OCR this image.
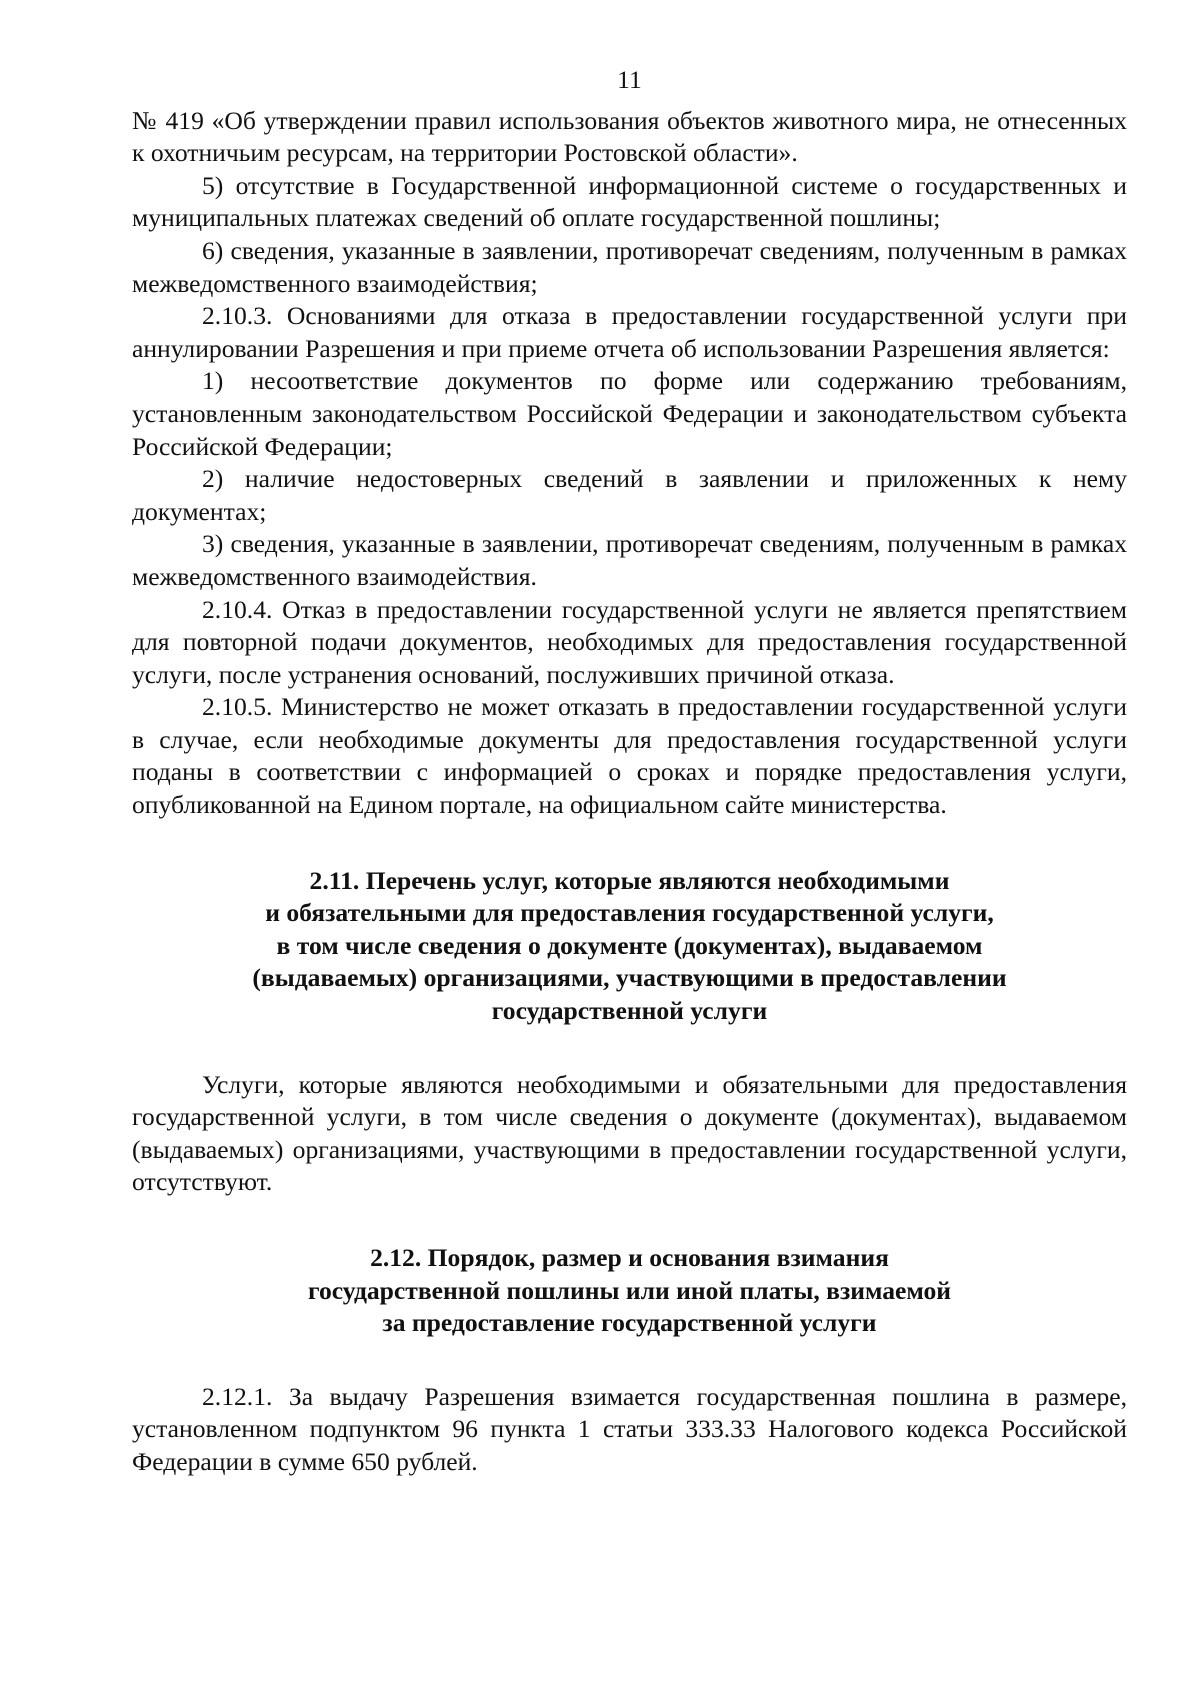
11

№ 419 «Об утверждении правил использования объектов животного мира, не отнесенных к охотничьим ресурсам, на территории Ростовской области».

5) отсутствие в Государственной информационной системе о государственных и муниципальных платежах сведений об оплате государственной пошлины;

6) сведения, указанные в заявлении, противоречат сведениям, полученным в рамках межведомственного взаимодействия;

2.10.3. Основаниями для отказа в предоставлении государственной услуги при аннулировании Разрешения и при приеме отчета об использовании Разрешения является:

1) несоответствие документов по форме или содержанию требованиям, установленным законодательством Российской Федерации и законодательством субъекта Российской Федерации;

2) наличие недостоверных сведений в заявлении и приложенных к нему документах;

3) сведения, указанные в заявлении, противоречат сведениям, полученным в рамках межведомственного взаимодействия.

2.10.4. Отказ в предоставлении государственной услуги не является препятствием для повторной подачи документов, необходимых для предоставления государственной услуги, после устранения оснований, послуживших причиной отказа.

2.10.5. Министерство не может отказать в предоставлении государственной услуги в случае, если необходимые документы для предоставления государственной услуги поданы в соответствии с информацией о сроках и порядке предоставления услуги, опубликованной на Едином портале, на официальном сайте министерства.

2.11. Перечень услуг, которые являются необходимыми
и обязательными для предоставления государственной услуги,
в том числе сведения о документе (документах), выдаваемом
(выдаваемых) организациями, участвующими в предоставлении
государственной услуги

Услуги, которые являются необходимыми и обязательными для предоставления государственной услуги, в том числе сведения о документе (документах), выдаваемом (выдаваемых) организациями, участвующими в предоставлении государственной услуги, отсутствуют.

2.12. Порядок, размер и основания взимания
государственной пошлины или иной платы, взимаемой
за предоставление государственной услуги

2.12.1. За выдачу Разрешения взимается государственная пошлина в размере, установленном подпунктом 96 пункта 1 статьи 333.33 Налогового кодекса Российской Федерации в сумме 650 рублей.
